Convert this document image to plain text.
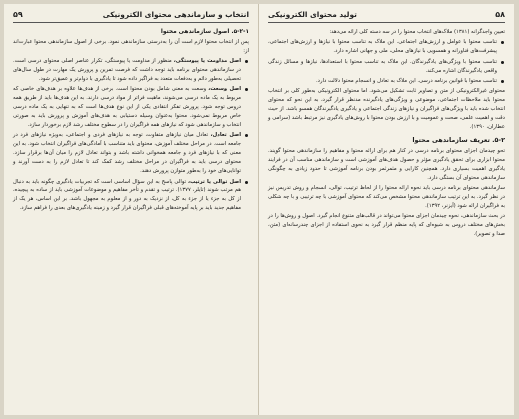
انتخاب و سازماندهی محتوای الکترونیکی
۵۹
۵-۲-۱. اصول سازماندهی محتوا

پس از انتخاب محتوا لازم است آن را به‌درستی سازماندهی نمود. برخی از اصول سازماندهی محتوا عبارت‌اند از:

اصل مداومت یا پیوستگی، منظور از مداومت یا پیوستگی، تکرار عناصر اصلی محتوای درسی است. در سازماندهی محتوای برنامه باید توجه داشت که فرصت تمرین و پرورش یک مهارت در طول سال‌های تحصیلی به‌طور دائم و به‌دفعات متعدد به فراگیر داده شود تا یادگیری با دوام‌تر و عمیق‌تر شود.
اصل وسعت، وسعت به معنی شامل بودن محتوا است. برخی از هدف‌ها علاوه بر هدف‌های خاصی که مربوط به یک ماده درسی می‌شوند، ماهیت فراتر از مواد درسی دارند. به این هدف‌ها باید از طریق همه دروس توجه شود. پرورش تفکر انتقادی یکی از این نوع هدف‌ها است که به تنهایی به یک ماده درسی خاص مربوط نمی‌شود. محتوا به‌عنوان وسیله دستیابی به هدف‌های آموزش و پرورش باید به صورتی انتخاب و سازماندهی شود که نیازهای همه فراگیران را در سطوح مختلف رشد لازم برخوردار سازد.
اصل تعادل، تعادل میان نیازهای متفاوت، توجه به نیازهای فردی و اجتماعی، به‌ویژه نیازهای فرد در جامعه است. در مراحل مختلف آموزش، محتوای باید متناسب با آمادگی‌های فراگیران انتخاب شود. به این معنی که با نیازهای فرد و جامعه همخوانی داشته باشد و بتواند تعادل لازم را میان آن‌ها برقرار سازد. محتوای درسی باید به فراگیران در مراحل مختلف رشد کمک کند تا تعادل لازم را به دست آورند و توانایی‌های خود را به‌طور متوازن پرورش دهند.
اصل توالی یا ترتیب، توالی پاسخ به این سؤال اساسی است که تجربیات یادگیری چگونه باید به دنبال هم مرتب شوند (تایلر، ۱۳۷۷). ترتیب و تقدم و تأخر مفاهیم و موضوعات آموزشی باید از ساده به پیچیده، از کل به جزء یا از جزء به کل، از نزدیک به دور و از معلوم به مجهول باشد. بر این اساس، هر یک از مفاهیم جدید باید بر پایه آموخته‌های قبلی فراگیران قرار گیرد و زمینه یادگیری‌های بعدی را فراهم سازد.
۵۸
تولید محتوای الکترونیکی

تعیین واجدگرانه (۱۳۸۱) ملاک‌های انتخاب محتوا را در سه دسته کلی ارائه می‌دهد:

تناسب محتوا با عوامل و ارزش‌های اجتماعی. این ملاک به تناسب محتوا با نیازها و ارزش‌های اجتماعی، پیشرفت‌های فناورانه و همسویی با نیازهای محلی، ملی و جهانی اشاره دارد.
تناسب محتوا با ویژگی‌های یادگیرندگان. این ملاک به تناسب محتوا با استعدادها، نیازها و مسائل زندگی واقعی یادگیرندگان اشاره می‌کند.
تناسب محتوا با قوانین برنامه درسی. این ملاک به تعادل و انسجام محتوا دلالت دارد.

محتوای غیرالکترونیکی از متن و تصاویر ثابت تشکیل می‌شود. اما محتوای الکترونیکی به‌طور کلی بر انتخاب محتوا باید ملاحظات اجتماعی، موضوعی و ویژگی‌های یادگیرنده مدنظر قرار گیرد، به این نحو که محتوای انتخاب شده باید با ویژگی‌های فراگیران و نیازهای زندگی اجتماعی و یادگیری یادگیرندگان همسو باشد. از حیث دقت و اهمیت علمی، صحت و عمومیت و با ارزش بودن محتوا با روش‌های یادگیری نیز مرتبط باشد (سرامی و عطاران، ۱۳۹۰).

۵-۲. تعریف سازماندهی محتوا

تحو چیدمان اجزای محتوای برنامه درسی در کنار هم برای ارائه محتوا و مفاهیم را سازماندهی محتوا گویند. محتوا ابزاری برای تحقق یادگیری مؤثر و حصول هدف‌های آموزشی است و سازماندهی مناسب آن در فرایند یادگیری اهمیت بسیاری دارد. همچنین کارایی و مثمرثمر بودن برنامه آموزشی تا حدود زیادی به چگونگی سازماندهی محتوای آن بستگی دارد.

سازماندهی محتوای برنامه درسی باید نحوه ارائه محتوا را از لحاظ ترتیب، توالی، انسجام و روش تدریس نیز در نظر گیرد. به این ترتیب سازماندهی محتوا مشخص می‌کند که محتوای آموزشی با چه ترتیبی و با چه شکلی به فراگیران ارائه شود (آیزنر، ۱۳۹۲).

در بحث سازماندهی، نحوه چیدمان اجزای محتوا می‌تواند در قالب‌های متنوع انجام گیرد. اصول و روش‌ها را در بخش‌های مختلف دروس به شیوه‌ای که پایه منظم قرار گیرد به نحوی استفاده از اجزای چندرسانه‌ای (متن، صدا و تصویر).
